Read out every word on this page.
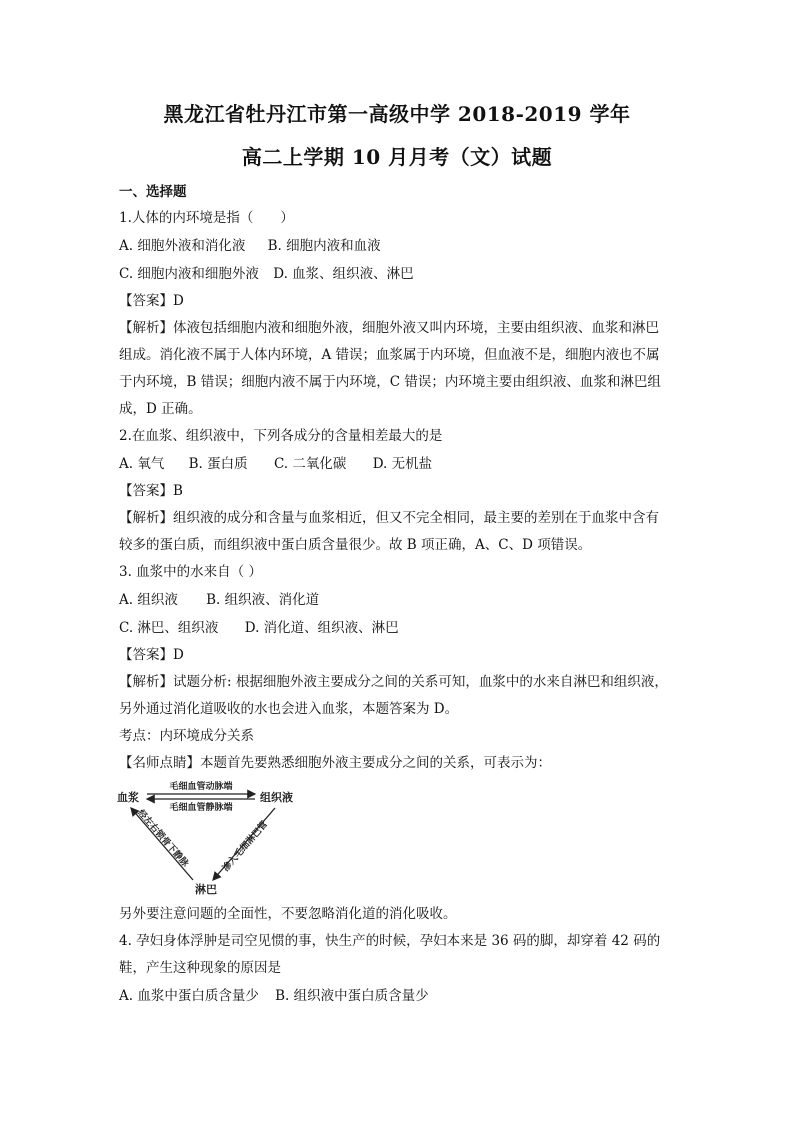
黑龙江省牡丹江市第一高级中学 2018-2019 学年
高二上学期 10 月月考（文）试题
一、选择题
1.人体的内环境是指（　　）
A. 细胞外液和消化液 B. 细胞内液和血液
C. 细胞内液和细胞外液 D. 血浆、组织液、淋巴
【答案】D
【解析】体液包括细胞内液和细胞外液，细胞外液又叫内环境，主要由组织液、血浆和淋巴
组成。消化液不属于人体内环境，A 错误；血浆属于内环境，但血液不是，细胞内液也不属
于内环境，B 错误；细胞内液不属于内环境，C 错误；内环境主要由组织液、血浆和淋巴组
成，D 正确。
2.在血浆、组织液中，下列各成分的含量相差最大的是
A. 氧气 B. 蛋白质 C. 二氧化碳 D. 无机盐
【答案】B
【解析】组织液的成分和含量与血浆相近，但又不完全相同，最主要的差别在于血浆中含有
较多的蛋白质，而组织液中蛋白质含量很少。故 B 项正确，A、C、D 项错误。
3. 血浆中的水来自（ ）
A. 组织液 B. 组织液、消化道
C. 淋巴、组织液 D. 消化道、组织液、淋巴
【答案】D
【解析】试题分析: 根据细胞外液主要成分之间的关系可知，血浆中的水来自淋巴和组织液，
另外通过消化道吸收的水也会进入血浆，本题答案为 D。
考点：内环境成分关系
【名师点睛】本题首先要熟悉细胞外液主要成分之间的关系，可表示为：
血浆	组织液
淋巴
毛细血管动脉端
毛细血管静脉端
经左右锁骨下静脉	渗入毛细淋巴管
另外要注意问题的全面性，不要忽略消化道的消化吸收。
4. 孕妇身体浮肿是司空见惯的事，快生产的时候，孕妇本来是 36 码的脚，却穿着 42 码的
鞋，产生这种现象的原因是
A. 血浆中蛋白质含量少 B. 组织液中蛋白质含量少
